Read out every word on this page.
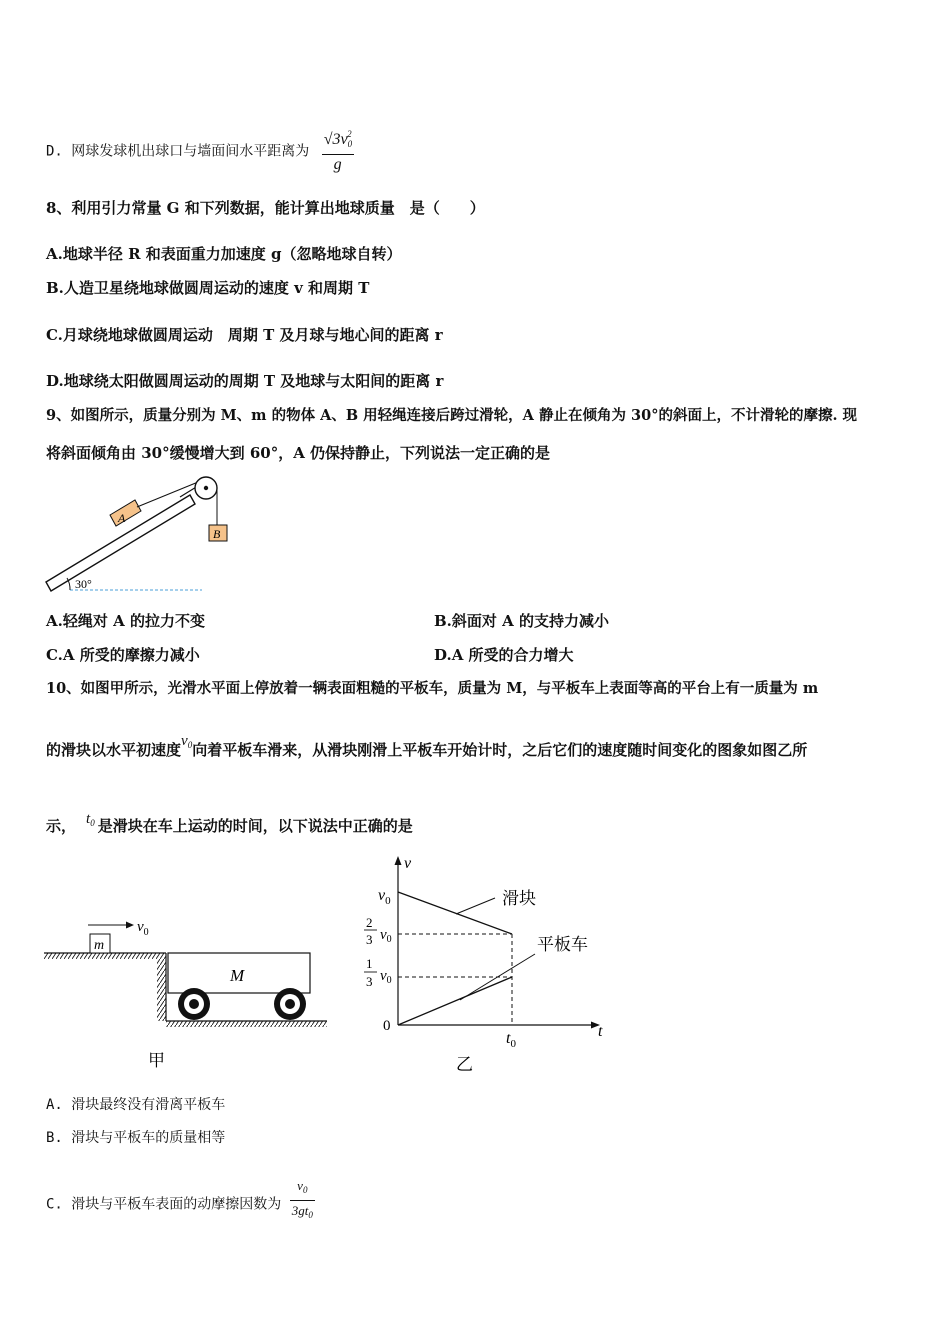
D. 网球发球机出球口与墙面间水平距离为 $\frac{√3v_0^2}{g}$
8、利用引力常量 G 和下列数据，能计算出地球质量　是（　　）
A.地球半径 R 和表面重力加速度 g（忽略地球自转）
B.人造卫星绕地球做圆周运动的速度 v 和周期 T
C.月球绕地球做圆周运动　周期 T 及月球与地心间的距离 r
D.地球绕太阳做圆周运动的周期 T 及地球与太阳间的距离 r
9、如图所示，质量分别为 M、m 的物体 A、B 用轻绳连接后跨过滑轮，A 静止在倾角为 30°的斜面上，不计滑轮的摩擦. 现
将斜面倾角由 30°缓慢增大到 60°，A 仍保持静止，下列说法一定正确的是
A
B
30°
A.轻绳对 A 的拉力不变	B.斜面对 A 的支持力减小
C.A 所受的摩擦力减小	D.A 所受的合力增大
10、如图甲所示，光滑水平面上停放着一辆表面粗糙的平板车，质量为 M，与平板车上表面等高的平台上有一质量为 m
的滑块以水平初速度$v_0$向着平板车滑来，从滑块刚滑上平板车开始计时，之后它们的速度随时间变化的图象如图乙所
示， $t_0$ 是滑块在车上运动的时间，以下说法中正确的是
m
$v_0$
M
甲
v
t
0
$v_0$
2
3 $v_0$
1
3 $v_0$
滑块
平板车
$t_0$
乙
A. 滑块最终没有滑离平板车
B. 滑块与平板车的质量相等
C. 滑块与平板车表面的动摩擦因数为 $\frac{v_0}{3gt_0}$
